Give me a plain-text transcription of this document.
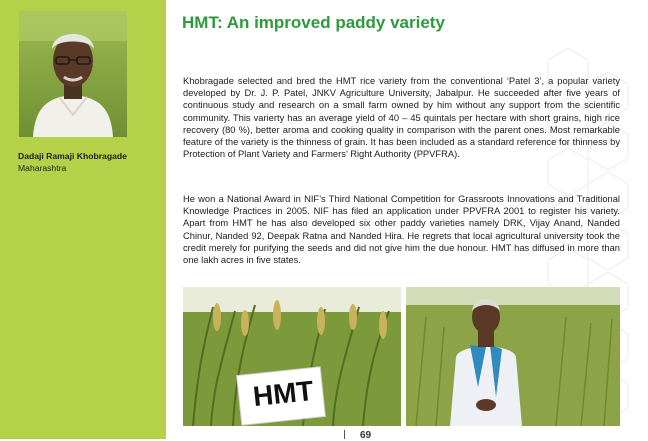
Dadaji Ramaji Khobragade

Maharashtra

HMT: An improved paddy variety

Khobragade selected and bred the HMT rice variety from the conventional ‘Patel 3’, a popular variety developed by Dr. J. P. Patel, JNKV Agriculture University, Jabalpur. He succeeded after five years of continuous study and research on a small farm owned by him without any support from the scientific community. This varierty has an average yield of 40 – 45 quintals per hectare with short grains, high rice recovery (80 %), better aroma and cooking quality in comparison with the parent ones. Most remarkable feature of the variety is the thinness of grain. It has been included as a standard reference for thinness by Protection of Plant Variety and Farmers’ Right Authority (PPVFRA).

He won a National Award in NIF’s Third National Competition for Grassroots Innovations and Traditional Knowledge Practices in 2005. NIF has filed an application under PPVFRA 2001 to register his variety. Apart from HMT he has also developed six other paddy varieties namely DRK, Vijay Anand, Nanded Chinur, Nanded 92, Deepak Ratna and Nanded Hira. He regrets that local agricultural university took the credit merely for purifying the seeds and did not give him the due honour. HMT has diffused in more than one lakh acres in five states.

HMT
69
